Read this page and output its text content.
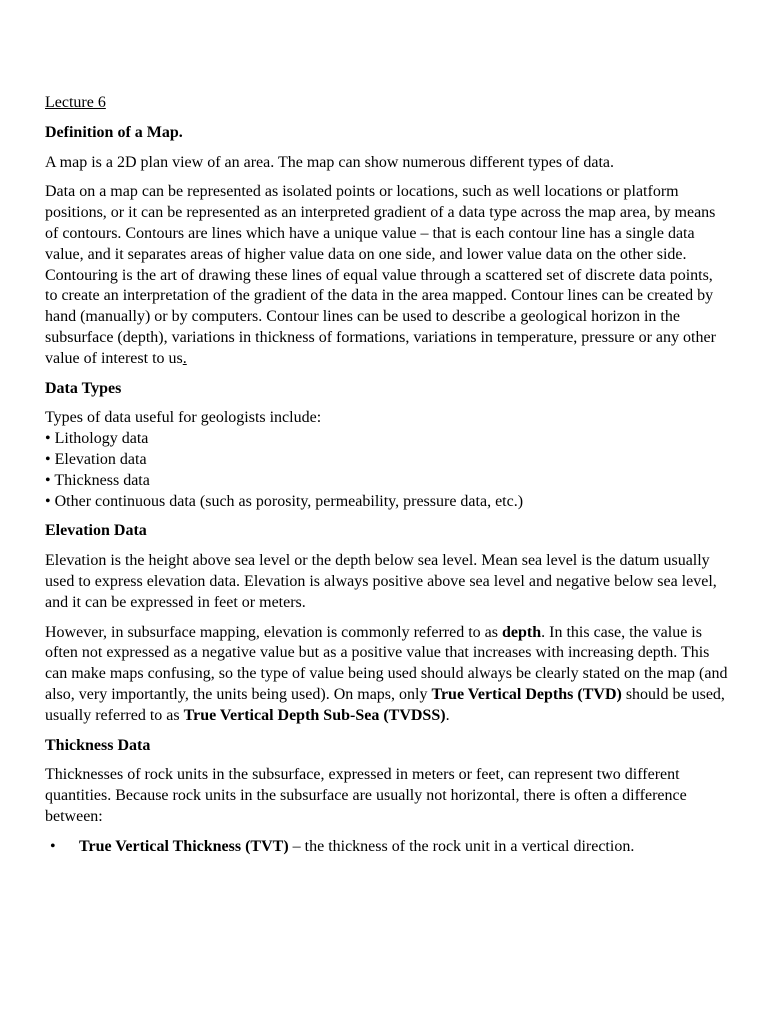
Lecture 6

Definition of a Map.

A map is a 2D plan view of an area. The map can show numerous different types of data.

Data on a map can be represented as isolated points or locations, such as well locations or platform positions, or it can be represented as an interpreted gradient of a data type across the map area, by means of contours. Contours are lines which have a unique value – that is each contour line has a single data value, and it separates areas of higher value data on one side, and lower value data on the other side. Contouring is the art of drawing these lines of equal value through a scattered set of discrete data points, to create an interpretation of the gradient of the data in the area mapped. Contour lines can be created by hand (manually) or by computers. Contour lines can be used to describe a geological horizon in the subsurface (depth), variations in thickness of formations, variations in temperature, pressure or any other value of interest to us.

Data Types

Types of data useful for geologists include:
• Lithology data
• Elevation data
• Thickness data
• Other continuous data (such as porosity, permeability, pressure data, etc.)

Elevation Data

Elevation is the height above sea level or the depth below sea level. Mean sea level is the datum usually used to express elevation data. Elevation is always positive above sea level and negative below sea level, and it can be expressed in feet or meters.

However, in subsurface mapping, elevation is commonly referred to as depth. In this case, the value is often not expressed as a negative value but as a positive value that increases with increasing depth. This can make maps confusing, so the type of value being used should always be clearly stated on the map (and also, very importantly, the units being used). On maps, only True Vertical Depths (TVD) should be used, usually referred to as True Vertical Depth Sub-Sea (TVDSS).

Thickness Data

Thicknesses of rock units in the subsurface, expressed in meters or feet, can represent two different quantities. Because rock units in the subsurface are usually not horizontal, there is often a difference between:

• True Vertical Thickness (TVT) – the thickness of the rock unit in a vertical direction.
